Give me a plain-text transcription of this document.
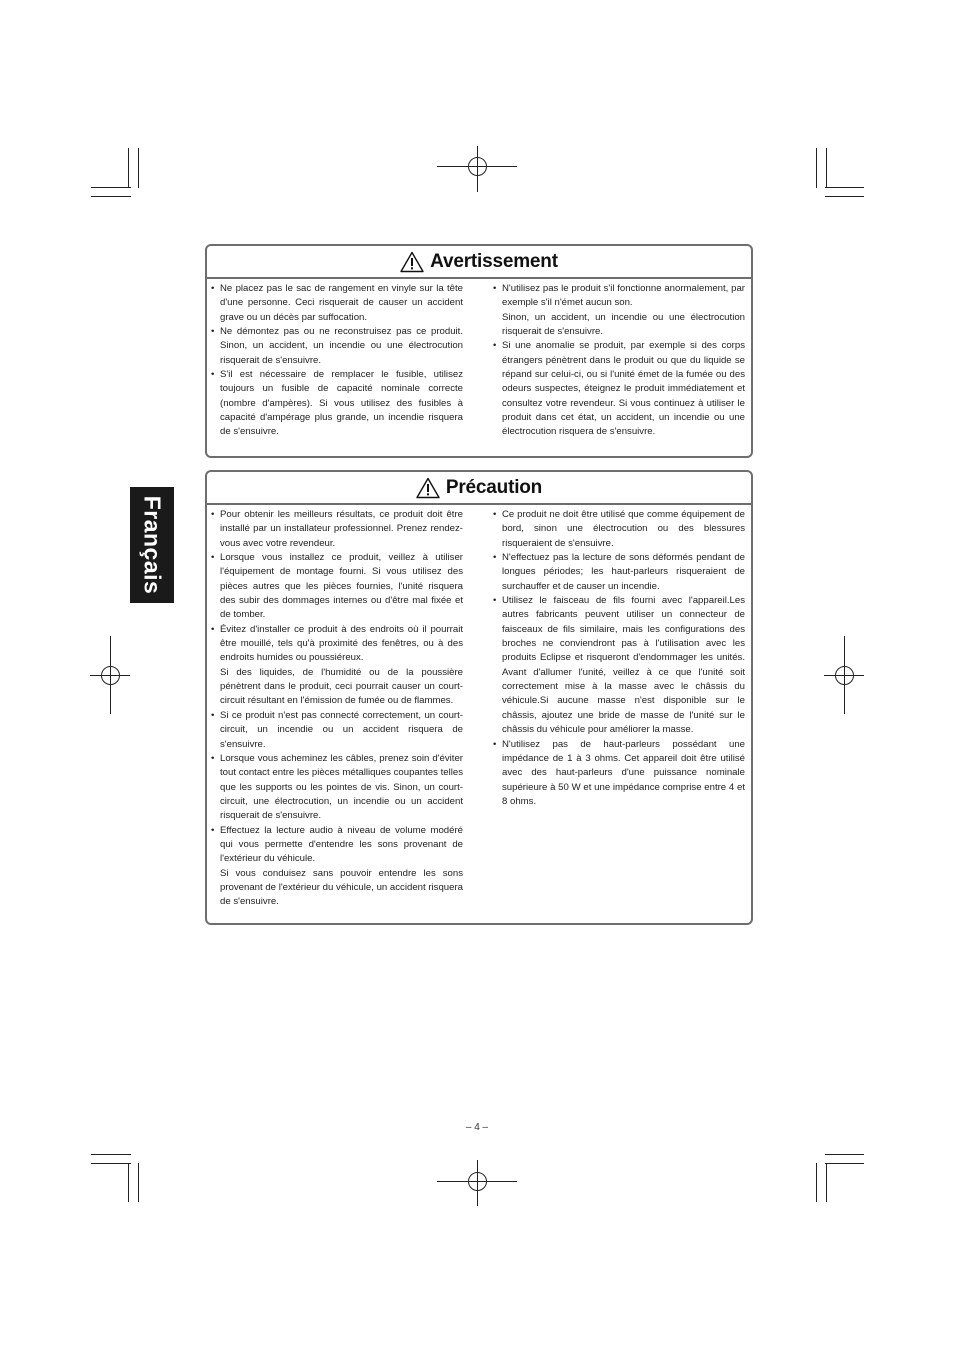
Français
Avertissement
• Ne placez pas le sac de rangement en vinyle sur la tête d'une personne. Ceci risquerait de causer un accident grave ou un décès par suffocation.
• Ne démontez pas ou ne reconstruisez pas ce produit. Sinon, un accident, un incendie ou une électrocution risquerait de s'ensuivre.
• S'il est nécessaire de remplacer le fusible, utilisez toujours un fusible de capacité nominale correcte (nombre d'ampères). Si vous utilisez des fusibles à capacité d'ampérage plus grande, un incendie risquera de s'ensuivre.
• N'utilisez pas le produit s'il fonctionne anormalement, par exemple s'il n'émet aucun son.
Sinon, un accident, un incendie ou une électrocution risquerait de s'ensuivre.
• Si une anomalie se produit, par exemple si des corps étrangers pénètrent dans le produit ou que du liquide se répand sur celui-ci, ou si l'unité émet de la fumée ou des odeurs suspectes, éteignez le produit immédiatement et consultez votre revendeur. Si vous continuez à utiliser le produit dans cet état, un accident, un incendie ou une électrocution risquera de s'ensuivre.
Précaution
• Pour obtenir les meilleurs résultats, ce produit doit être installé par un installateur professionnel. Prenez rendez-vous avec votre revendeur.
• Lorsque vous installez ce produit, veillez à utiliser l'équipement de montage fourni. Si vous utilisez des pièces autres que les pièces fournies, l'unité risquera des subir des dommages internes ou d'être mal fixée et de tomber.
• Évitez d'installer ce produit à des endroits où il pourrait être mouillé, tels qu'à proximité des fenêtres, ou à des endroits humides ou poussiéreux.
Si des liquides, de l'humidité ou de la poussière pénètrent dans le produit, ceci pourrait causer un court-circuit résultant en l'émission de fumée ou de flammes.
• Si ce produit n'est pas connecté correctement, un court-circuit, un incendie ou un accident risquera de s'ensuivre.
• Lorsque vous acheminez les câbles, prenez soin d'éviter tout contact entre les pièces métalliques coupantes telles que les supports ou les pointes de vis. Sinon, un court-circuit, une électrocution, un incendie ou un accident risquerait de s'ensuivre.
• Effectuez la lecture audio à niveau de volume modéré qui vous permette d'entendre les sons provenant de l'extérieur du véhicule.
Si vous conduisez sans pouvoir entendre les sons provenant de l'extérieur du véhicule, un accident risquera de s'ensuivre.
• Ce produit ne doit être utilisé que comme équipement de bord, sinon une électrocution ou des blessures risqueraient de s'ensuivre.
• N'effectuez pas la lecture de sons déformés pendant de longues périodes; les haut-parleurs risqueraient de surchauffer et de causer un incendie.
• Utilisez le faisceau de fils fourni avec l'appareil.Les autres fabricants peuvent utiliser un connecteur de faisceaux de fils similaire, mais les configurations des broches ne conviendront pas à l'utilisation avec les produits Eclipse et risqueront d'endommager les unités. Avant d'allumer l'unité, veillez à ce que l'unité soit correctement mise à la masse avec le châssis du véhicule.Si aucune masse n'est disponible sur le châssis, ajoutez une bride de masse de l'unité sur le châssis du véhicule pour améliorer la masse.
• N'utilisez pas de haut-parleurs possédant une impédance de 1 à 3 ohms. Cet appareil doit être utilisé avec des haut-parleurs d'une puissance nominale supérieure à 50 W et une impédance comprise entre 4 et 8 ohms.
– 4 –
